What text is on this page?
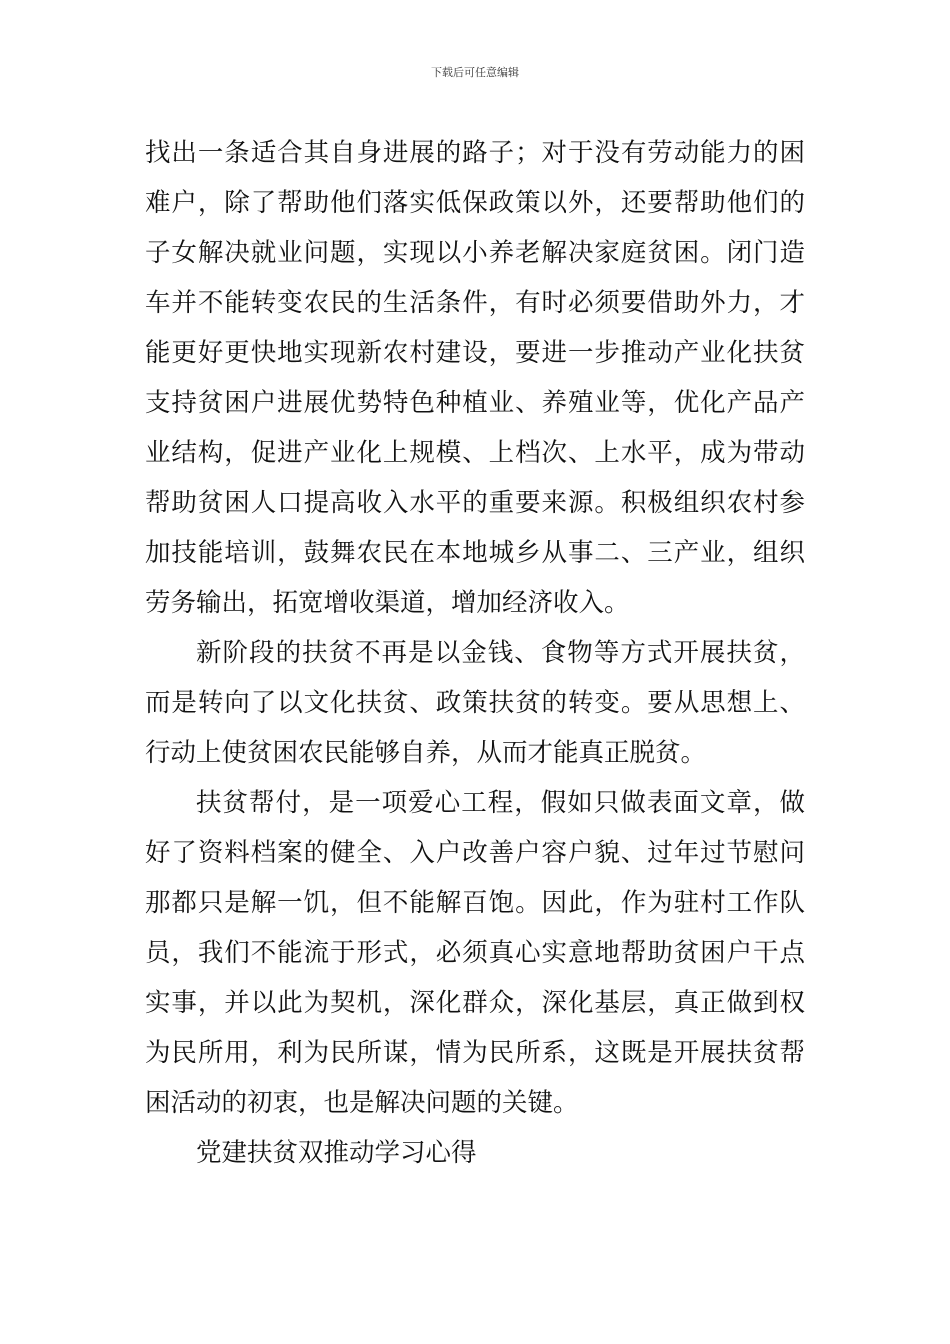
下载后可任意编辑
找出一条适合其自身进展的路子；对于没有劳动能力的困
难户，除了帮助他们落实低保政策以外，还要帮助他们的
子女解决就业问题，实现以小养老解决家庭贫困。闭门造
车并不能转变农民的生活条件，有时必须要借助外力，才
能更好更快地实现新农村建设，要进一步推动产业化扶贫
支持贫困户进展优势特色种植业、养殖业等，优化产品产
业结构，促进产业化上规模、上档次、上水平，成为带动
帮助贫困人口提高收入水平的重要来源。积极组织农村参
加技能培训，鼓舞农民在本地城乡从事二、三产业，组织
劳务输出，拓宽增收渠道，增加经济收入。
新阶段的扶贫不再是以金钱、食物等方式开展扶贫，
而是转向了以文化扶贫、政策扶贫的转变。要从思想上、
行动上使贫困农民能够自养，从而才能真正脱贫。
扶贫帮付，是一项爱心工程，假如只做表面文章，做
好了资料档案的健全、入户改善户容户貌、过年过节慰问
那都只是解一饥，但不能解百饱。因此，作为驻村工作队
员，我们不能流于形式，必须真心实意地帮助贫困户干点
实事，并以此为契机，深化群众，深化基层，真正做到权
为民所用，利为民所谋，情为民所系，这既是开展扶贫帮
困活动的初衷，也是解决问题的关键。
党建扶贫双推动学习心得
